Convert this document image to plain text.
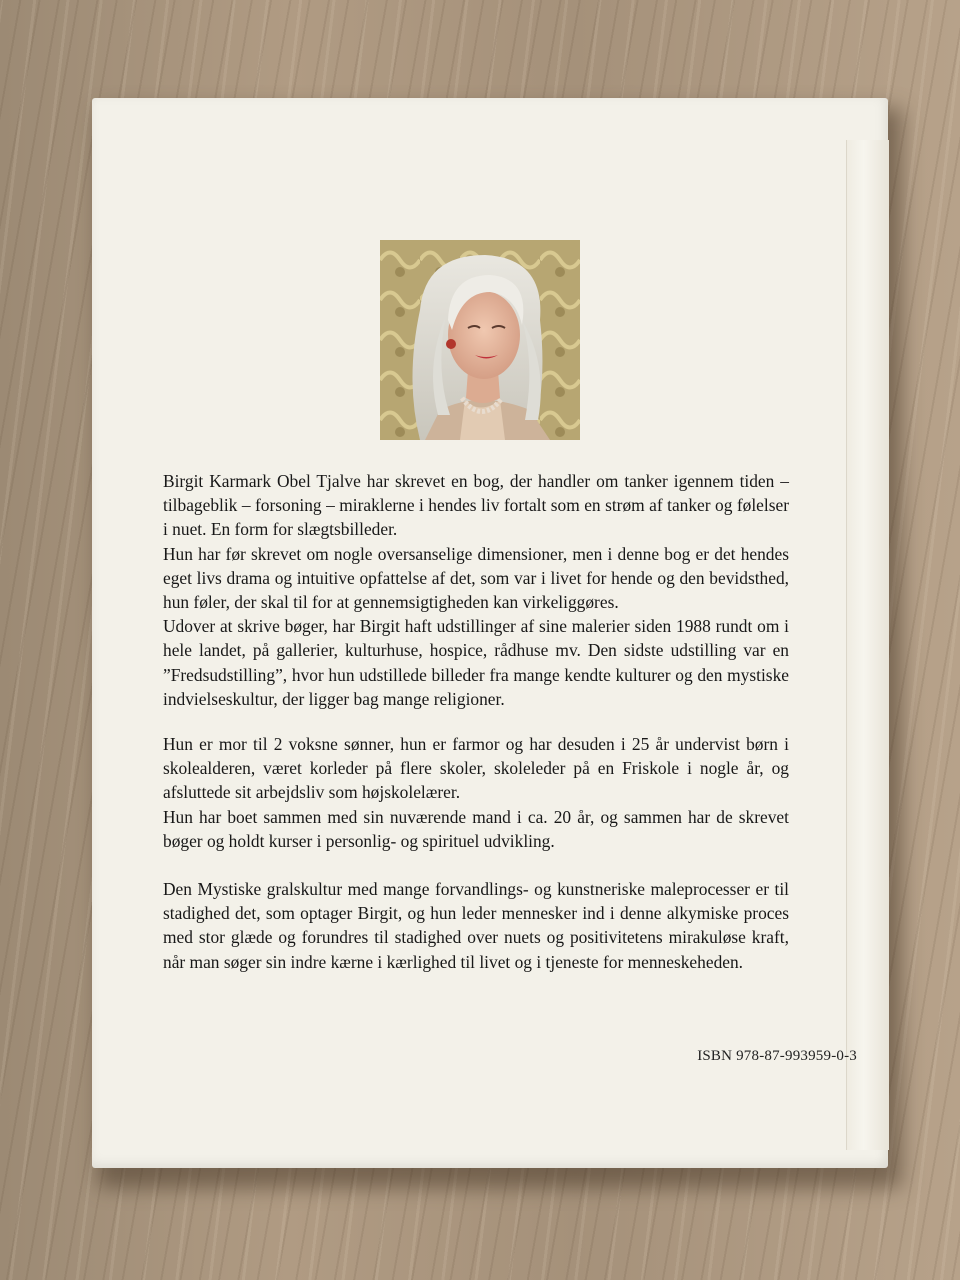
Birgit Karmark Obel Tjalve har skrevet en bog, der handler om tanker igennem tiden – tilbageblik – forsoning – miraklerne i hendes liv fortalt som en strøm af tanker og følelser i nuet. En form for slægtsbilleder.

Hun har før skrevet om nogle oversanselige dimensioner, men i denne bog er det hendes eget livs drama og intuitive opfattelse af det, som var i livet for hende og den bevidsthed, hun føler, der skal til for at gennemsigtigheden kan virkeliggøres.

Udover at skrive bøger, har Birgit haft udstillinger af sine malerier siden 1988 rundt om i hele landet, på gallerier, kulturhuse, hospice, rådhuse mv. Den sidste udstilling var en ”Fredsudstilling”, hvor hun udstillede billeder fra mange kendte kulturer og den mystiske indvielseskultur, der ligger bag mange religioner.

Hun er mor til 2 voksne sønner, hun er farmor og har desuden i 25 år undervist børn i skolealderen, været korleder på flere skoler, skoleleder på en Friskole i nogle år, og afsluttede sit arbejdsliv som højskolelærer.

Hun har boet sammen med sin nuværende mand i ca. 20 år, og sammen har de skrevet bøger og holdt kurser i personlig- og spirituel udvikling.

Den Mystiske gralskultur med mange forvandlings- og kunstneriske maleprocesser er til stadighed det, som optager Birgit, og hun leder mennesker ind i denne alkymiske proces med stor glæde og forundres til stadighed over nuets og positivitetens mirakuløse kraft, når man søger sin indre kærne i kærlighed til livet og i tjeneste for menneskeheden.

ISBN 978-87-993959-0-3
